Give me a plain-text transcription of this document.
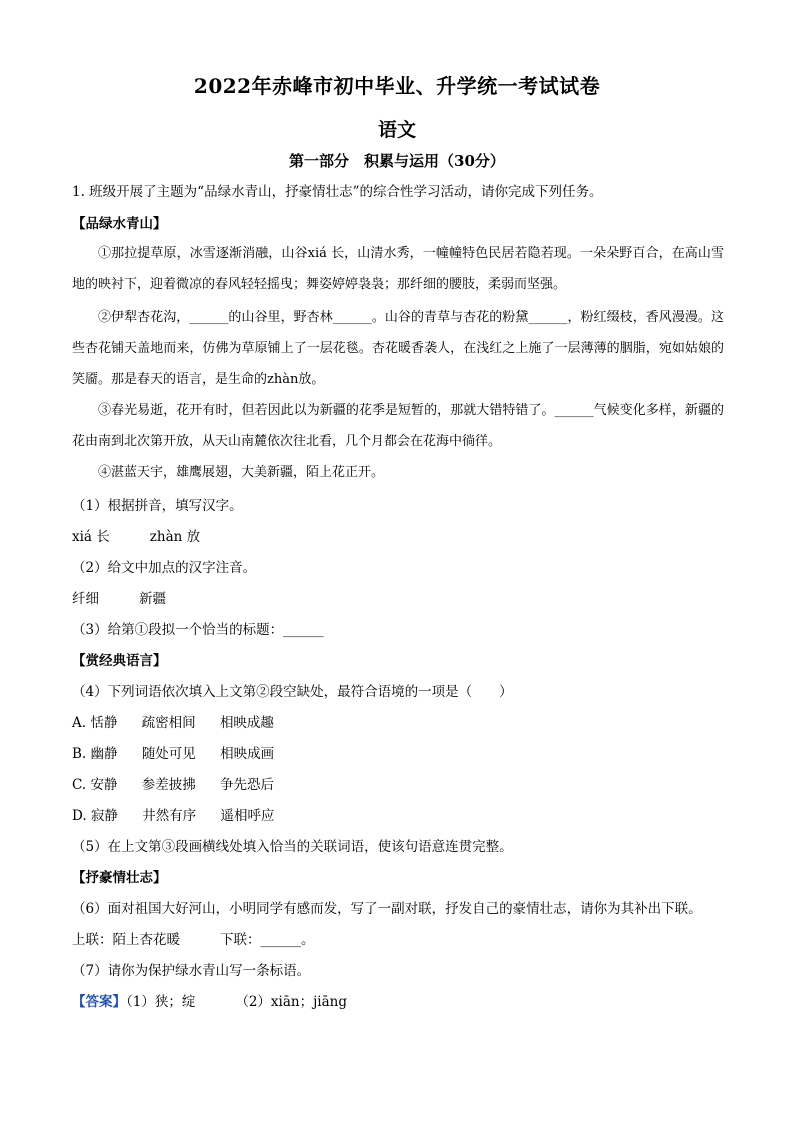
2022年赤峰市初中毕业、升学统一考试试卷
语文
第一部分　积累与运用（30分）
1. 班级开展了主题为“品绿水青山，抒豪情壮志”的综合性学习活动，请你完成下列任务。
【品绿水青山】
①那拉提草原，冰雪逐渐消融，山谷xiá 长，山清水秀，一幢幢特色民居若隐若现。一朵朵野百合，在高山雪地的映衬下，迎着微凉的春风轻轻摇曳；舞姿婷婷袅袅；那纤细的腰肢，柔弱而坚强。
②伊犁杏花沟，______的山谷里，野杏林______。山谷的青草与杏花的粉黛______，粉红缀枝，香风漫漫。这些杏花铺天盖地而来，仿佛为草原铺上了一层花毯。杏花暖香袭人，在浅红之上施了一层薄薄的胭脂，宛如姑娘的笑靥。那是春天的语言，是生命的zhàn放。
③春光易逝，花开有时，但若因此以为新疆的花季是短暂的，那就大错特错了。______气候变化多样，新疆的花由南到北次第开放，从天山南麓依次往北看，几个月都会在花海中徜徉。
④湛蓝天宇，雄鹰展翅，大美新疆，陌上花正开。
（1）根据拼音，填写汉字。
xiá 长	zhàn 放
（2）给文中加点的汉字注音。
纤细	新疆
（3）给第①段拟一个恰当的标题：______
【赏经典语言】
（4）下列词语依次填入上文第②段空缺处，最符合语境的一项是（　　）
A. 恬静 疏密相间 相映成趣
B. 幽静 随处可见 相映成画
C. 安静 参差披拂 争先恐后
D. 寂静 井然有序 遥相呼应
（5）在上文第③段画横线处填入恰当的关联词语，使该句语意连贯完整。
【抒豪情壮志】
（6）面对祖国大好河山，小明同学有感而发，写了一副对联，抒发自己的豪情壮志，请你为其补出下联。
上联：陌上杏花暖	下联：______。
（7）请你为保护绿水青山写一条标语。
【答案】（1）狭；绽	（2）xiān；jiāng
